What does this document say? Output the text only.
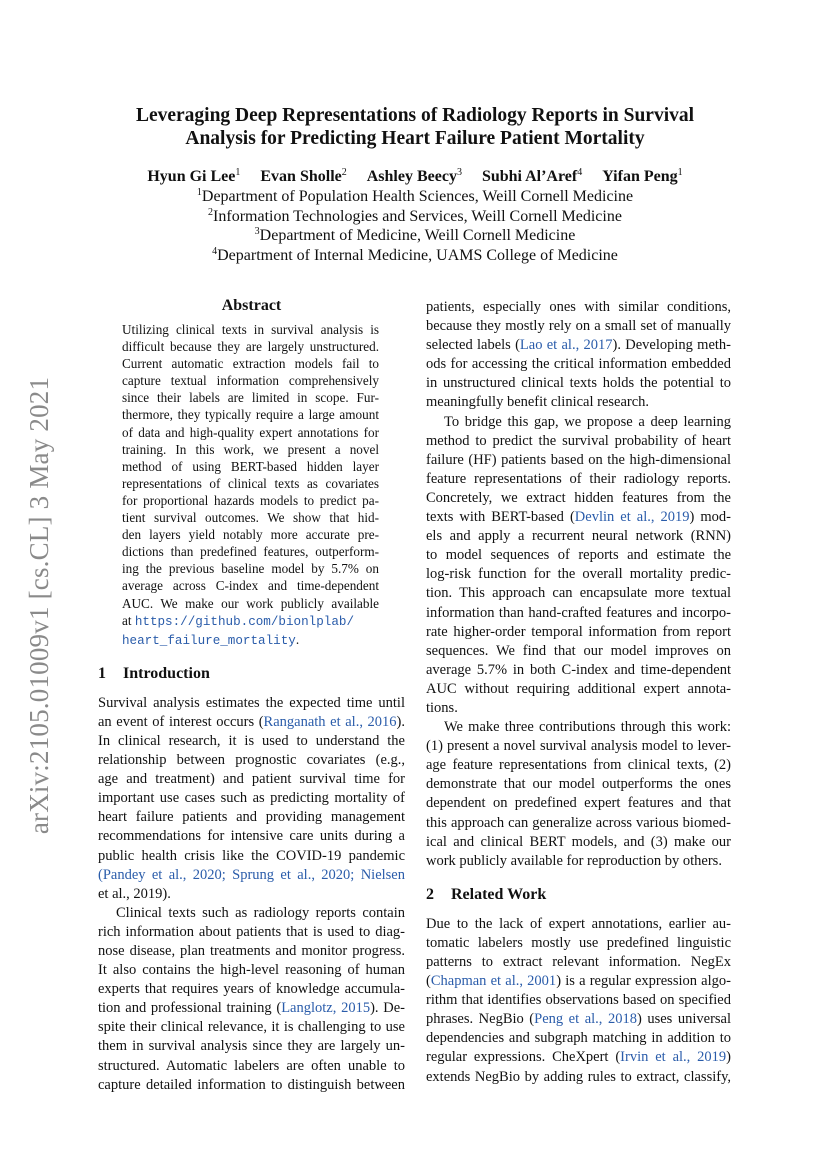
arXiv:2105.01009v1 [cs.CL] 3 May 2021
Leveraging Deep Representations of Radiology Reports in Survival
Analysis for Predicting Heart Failure Patient Mortality
Hyun Gi Lee$^1$ Evan Sholle$^2$ Ashley Beecy$^3$ Subhi Al’Aref$^4$ Yifan Peng$^1$
$^1$Department of Population Health Sciences, Weill Cornell Medicine
$^2$Information Technologies and Services, Weill Cornell Medicine
$^3$Department of Medicine, Weill Cornell Medicine
$^4$Department of Internal Medicine, UAMS College of Medicine
Abstract
Utilizing clinical texts in survival analysis is
difficult because they are largely unstructured.
Current automatic extraction models fail to
capture textual information comprehensively
since their labels are limited in scope. Fur-
thermore, they typically require a large amount
of data and high-quality expert annotations for
training. In this work, we present a novel
method of using BERT-based hidden layer
representations of clinical texts as covariates
for proportional hazards models to predict pa-
tient survival outcomes. We show that hid-
den layers yield notably more accurate pre-
dictions than predefined features, outperform-
ing the previous baseline model by 5.7% on
average across C-index and time-dependent
AUC. We make our work publicly available
at https://github.com/bionlplab/
heart_failure_mortality.
1 Introduction
Survival analysis estimates the expected time until
an event of interest occurs (Ranganath et al., 2016).
In clinical research, it is used to understand the
relationship between prognostic covariates (e.g.,
age and treatment) and patient survival time for
important use cases such as predicting mortality of
heart failure patients and providing management
recommendations for intensive care units during a
public health crisis like the COVID-19 pandemic
(Pandey et al., 2020; Sprung et al., 2020; Nielsen
et al., 2019).
Clinical texts such as radiology reports contain
rich information about patients that is used to diag-
nose disease, plan treatments and monitor progress.
It also contains the high-level reasoning of human
experts that requires years of knowledge accumula-
tion and professional training (Langlotz, 2015). De-
spite their clinical relevance, it is challenging to use
them in survival analysis since they are largely un-
structured. Automatic labelers are often unable to
capture detailed information to distinguish between
patients, especially ones with similar conditions,
because they mostly rely on a small set of manually
selected labels (Lao et al., 2017). Developing meth-
ods for accessing the critical information embedded
in unstructured clinical texts holds the potential to
meaningfully benefit clinical research.
To bridge this gap, we propose a deep learning
method to predict the survival probability of heart
failure (HF) patients based on the high-dimensional
feature representations of their radiology reports.
Concretely, we extract hidden features from the
texts with BERT-based (Devlin et al., 2019) mod-
els and apply a recurrent neural network (RNN)
to model sequences of reports and estimate the
log-risk function for the overall mortality predic-
tion. This approach can encapsulate more textual
information than hand-crafted features and incorpo-
rate higher-order temporal information from report
sequences. We find that our model improves on
average 5.7% in both C-index and time-dependent
AUC without requiring additional expert annota-
tions.
We make three contributions through this work:
(1) present a novel survival analysis model to lever-
age feature representations from clinical texts, (2)
demonstrate that our model outperforms the ones
dependent on predefined expert features and that
this approach can generalize across various biomed-
ical and clinical BERT models, and (3) make our
work publicly available for reproduction by others.
2 Related Work
Due to the lack of expert annotations, earlier au-
tomatic labelers mostly use predefined linguistic
patterns to extract relevant information. NegEx
(Chapman et al., 2001) is a regular expression algo-
rithm that identifies observations based on specified
phrases. NegBio (Peng et al., 2018) uses universal
dependencies and subgraph matching in addition to
regular expressions. CheXpert (Irvin et al., 2019)
extends NegBio by adding rules to extract, classify,
